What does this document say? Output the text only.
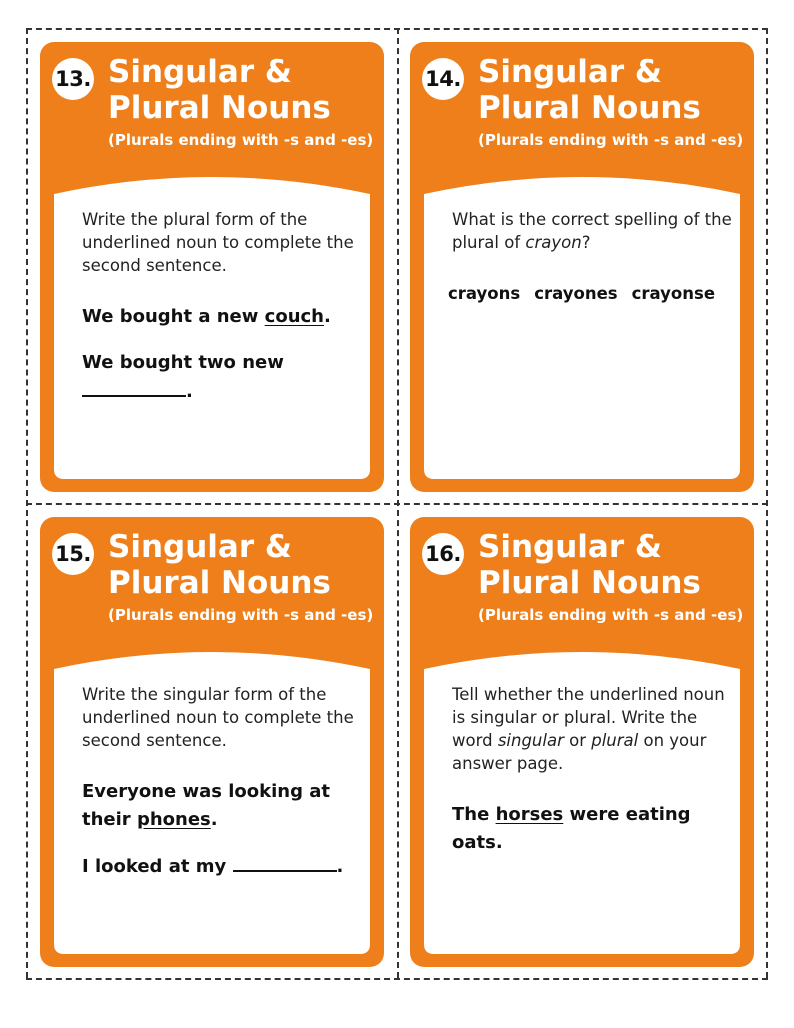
13. Singular &
Plural Nouns
(Plurals ending with -s and -es)
Write the plural form of the underlined noun to complete the second sentence.
We bought a new couch.
We bought two new
.
14. Singular &
Plural Nouns
(Plurals ending with -s and -es)
What is the correct spelling of the plural of crayon?
crayons crayones crayonse
15. Singular &
Plural Nouns
(Plurals ending with -s and -es)
Write the singular form of the underlined noun to complete the second sentence.
Everyone was looking at their phones.
I looked at my	.
16. Singular &
Plural Nouns
(Plurals ending with -s and -es)
Tell whether the underlined noun is singular or plural. Write the word singular or plural on your answer page.
The horses were eating oats.
